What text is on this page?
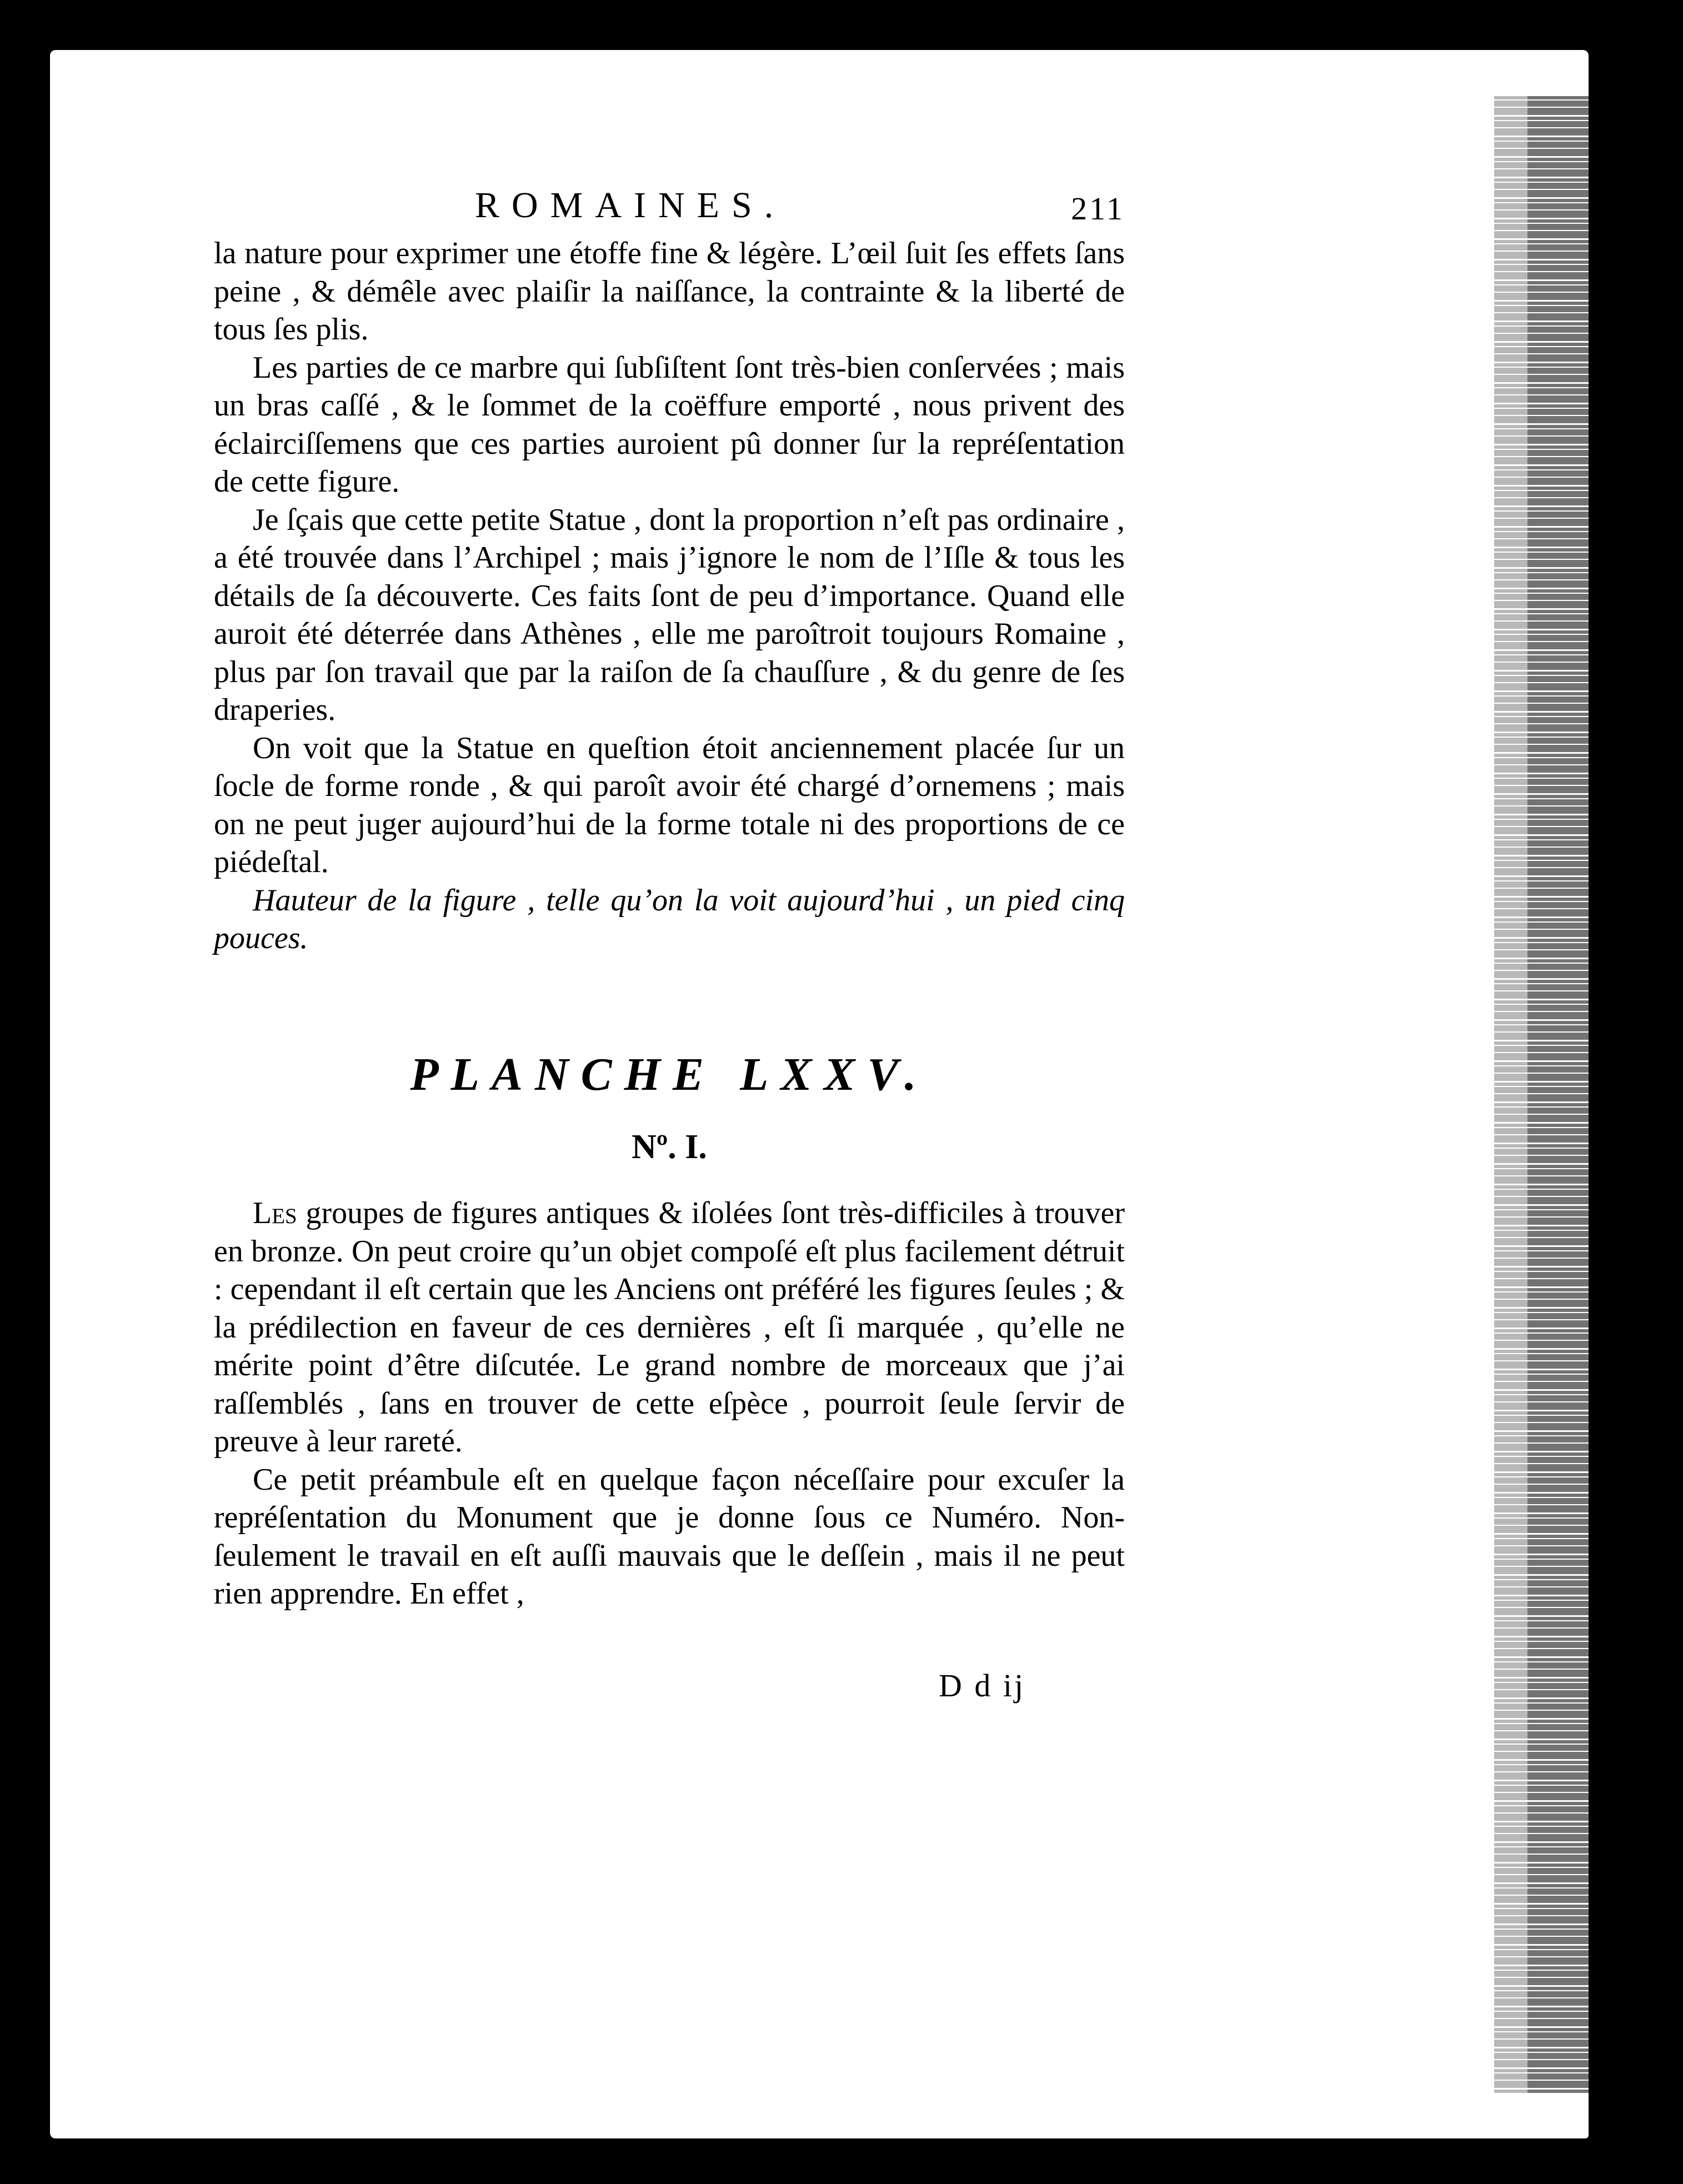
ROMAINES.	211

la nature pour exprimer une étoffe fine & légère. L’œil ſuit ſes effets ſans peine , & démêle avec plaiſir la naiſſance, la contrainte & la liberté de tous ſes plis.

Les parties de ce marbre qui ſubſiſtent ſont très-bien conſervées ; mais un bras caſſé , & le ſommet de la coëffure emporté , nous privent des éclairciſſemens que ces parties auroient pû donner ſur la repréſentation de cette figure.

Je ſçais que cette petite Statue , dont la proportion n’eſt pas ordinaire , a été trouvée dans l’Archipel ; mais j’ignore le nom de l’Iſle & tous les détails de ſa découverte. Ces faits ſont de peu d’importance. Quand elle auroit été déterrée dans Athènes , elle me paroîtroit toujours Romaine , plus par ſon travail que par la raiſon de ſa chauſſure , & du genre de ſes draperies.

On voit que la Statue en queſtion étoit anciennement placée ſur un ſocle de forme ronde , & qui paroît avoir été chargé d’ornemens ; mais on ne peut juger aujourd’hui de la forme totale ni des proportions de ce piédeſtal.

Hauteur de la figure , telle qu’on la voit aujourd’hui , un pied cinq pouces.

PLANCHE LXXV.
Nº. I.

Les groupes de figures antiques & iſolées ſont très-difficiles à trouver en bronze. On peut croire qu’un objet compoſé eſt plus facilement détruit : cependant il eſt certain que les Anciens ont préféré les figures ſeules ; & la prédilection en faveur de ces dernières , eſt ſi marquée , qu’elle ne mérite point d’être diſcutée. Le grand nombre de morceaux que j’ai raſſemblés , ſans en trouver de cette eſpèce , pourroit ſeule ſervir de preuve à leur rareté.

Ce petit préambule eſt en quelque façon néceſſaire pour excuſer la repréſentation du Monument que je donne ſous ce Numéro. Non-ſeulement le travail en eſt auſſi mauvais que le deſſein , mais il ne peut rien apprendre. En effet ,

D d ij
